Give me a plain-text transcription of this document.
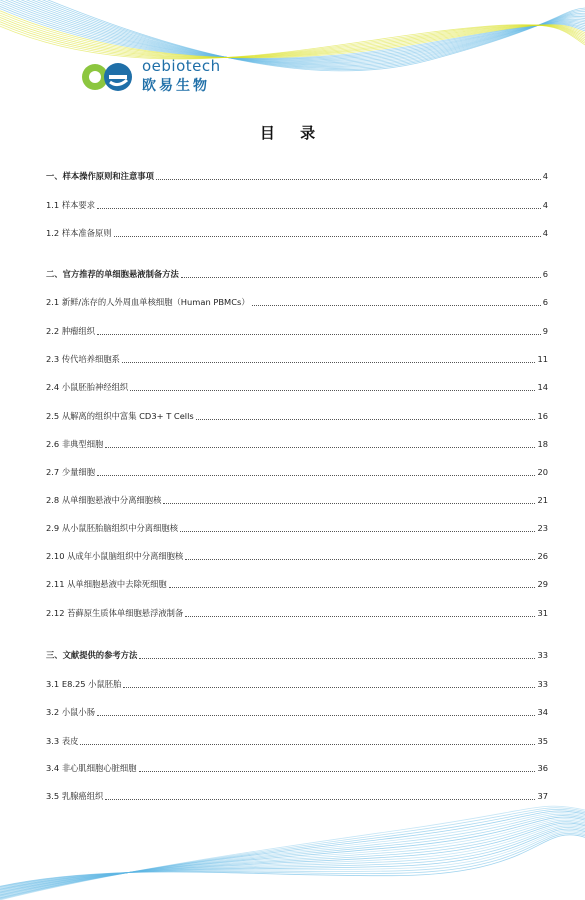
oebiotech
欧易生物
目 录
一、样本操作原则和注意事项	4
1.1 样本要求	4
1.2 样本准备原则	4
二、官方推荐的单细胞悬液制备方法	6
2.1 新鲜/冻存的人外周血单核细胞（Human PBMCs）	6
2.2 肿瘤组织	9
2.3 传代培养细胞系	11
2.4 小鼠胚胎神经组织	14
2.5 从解离的组织中富集 CD3+ T Cells	16
2.6 非典型细胞	18
2.7 少量细胞	20
2.8 从单细胞悬液中分离细胞核	21
2.9 从小鼠胚胎脑组织中分离细胞核	23
2.10 从成年小鼠脑组织中分离细胞核	26
2.11 从单细胞悬液中去除死细胞	29
2.12 苔藓原生质体单细胞悬浮液制备	31
三、文献提供的参考方法	33
3.1 E8.25 小鼠胚胎	33
3.2 小鼠小肠	34
3.3 表皮	35
3.4 非心肌细胞心脏细胞	36
3.5 乳腺癌组织	37
